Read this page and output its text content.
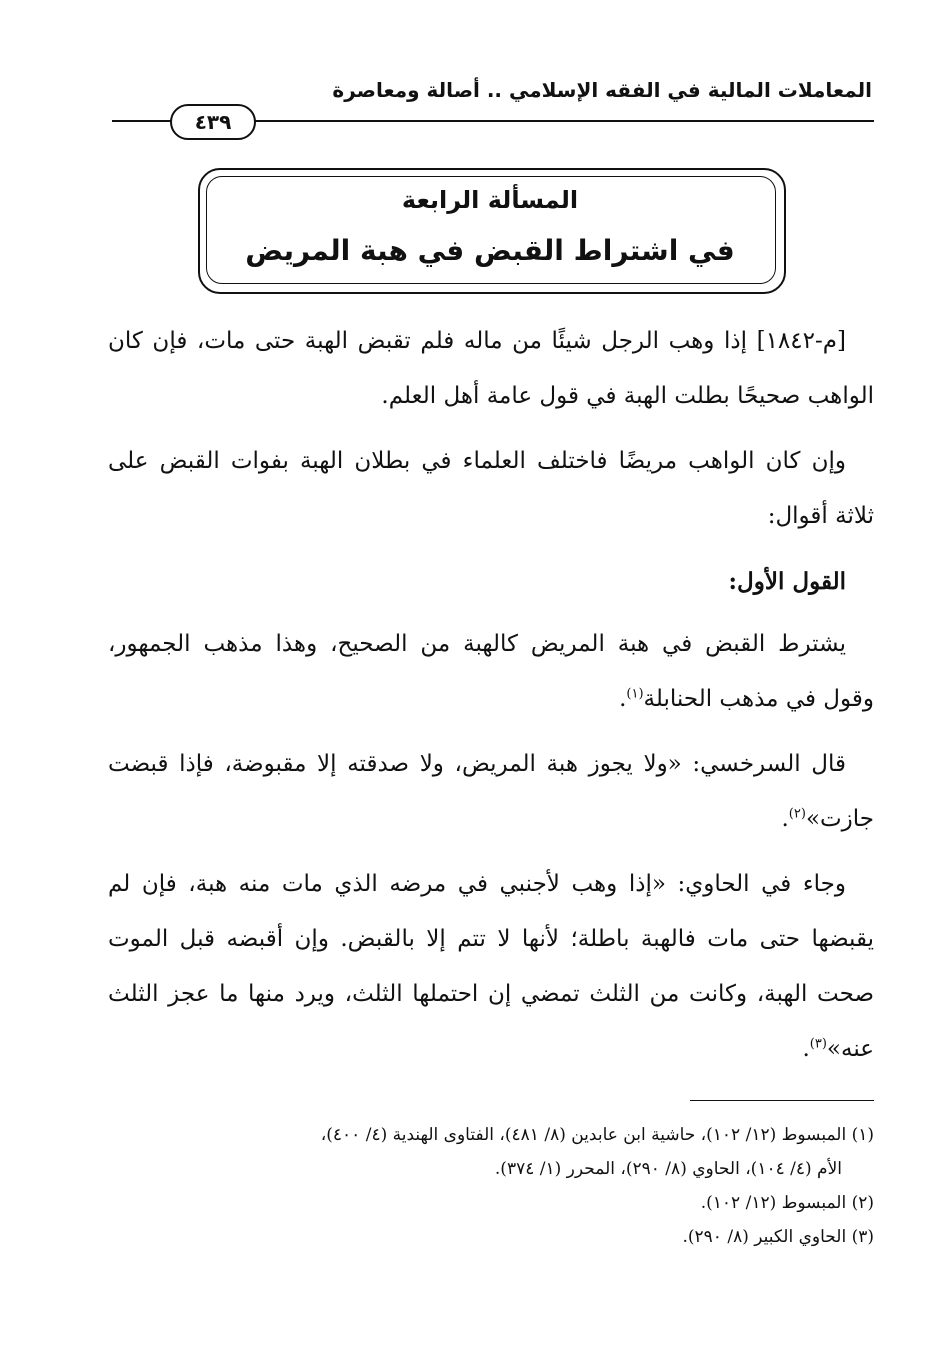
المعاملات المالية في الفقه الإسلامي .. أصالة ومعاصرة
٤٣٩
المسألة الرابعة
في اشتراط القبض في هبة المريض

[م-١٨٤٢] إذا وهب الرجل شيئًا من ماله فلم تقبض الهبة حتى مات، فإن كان الواهب صحيحًا بطلت الهبة في قول عامة أهل العلم.

وإن كان الواهب مريضًا فاختلف العلماء في بطلان الهبة بفوات القبض على ثلاثة أقوال:

القول الأول:

يشترط القبض في هبة المريض كالهبة من الصحيح، وهذا مذهب الجمهور، وقول في مذهب الحنابلة$^{(١)}$.

قال السرخسي: «ولا يجوز هبة المريض، ولا صدقته إلا مقبوضة، فإذا قبضت جازت»$^{(٢)}$.

وجاء في الحاوي: «إذا وهب لأجنبي في مرضه الذي مات منه هبة، فإن لم يقبضها حتى مات فالهبة باطلة؛ لأنها لا تتم إلا بالقبض. وإن أقبضه قبل الموت صحت الهبة، وكانت من الثلث تمضي إن احتملها الثلث، ويرد منها ما عجز الثلث عنه»$^{(٣)}$.

(١) المبسوط (١٢/ ١٠٢)، حاشية ابن عابدين (٨/ ٤٨١)، الفتاوى الهندية (٤/ ٤٠٠)،

الأم (٤/ ١٠٤)، الحاوي (٨/ ٢٩٠)، المحرر (١/ ٣٧٤).

(٢) المبسوط (١٢/ ١٠٢).

(٣) الحاوي الكبير (٨/ ٢٩٠).
